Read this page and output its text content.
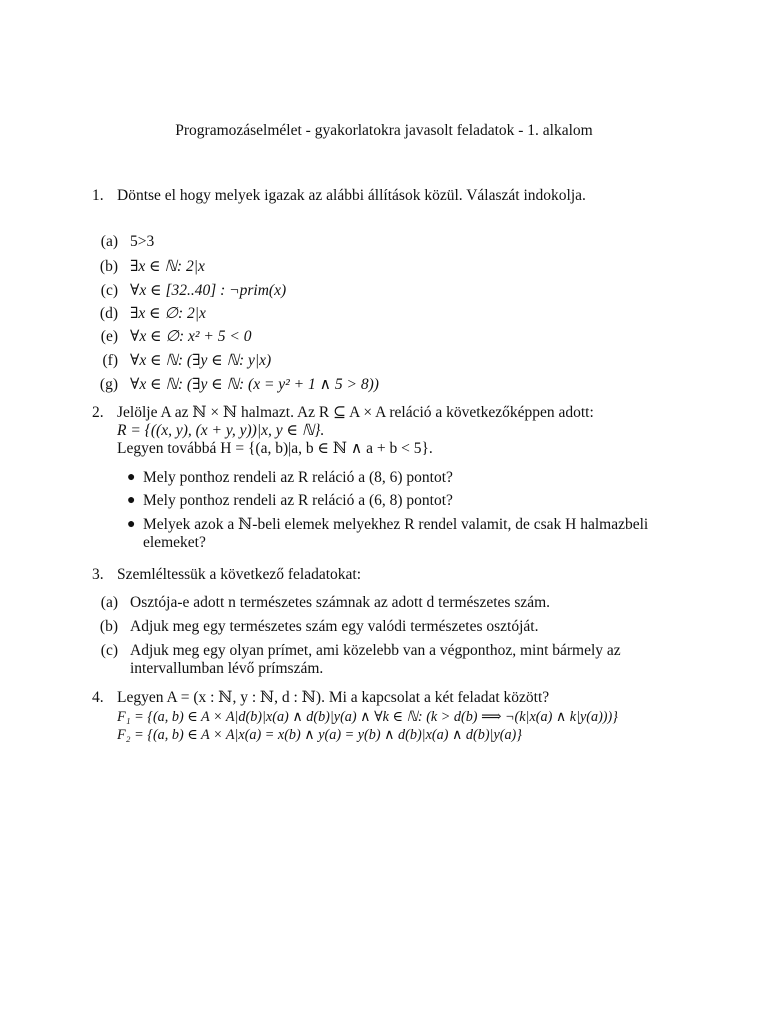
Programozáselmélet - gyakorlatokra javasolt feladatok - 1. alkalom
1. Döntse el hogy melyek igazak az alábbi állítások közül. Válaszát indokolja.
(a) 5>3
(b) ∃x ∈ ℕ: 2|x
(c) ∀x ∈ [32..40] : ¬prim(x)
(d) ∃x ∈ ∅: 2|x
(e) ∀x ∈ ∅: x² + 5 < 0
(f) ∀x ∈ ℕ: (∃y ∈ ℕ: y|x)
(g) ∀x ∈ ℕ: (∃y ∈ ℕ: (x = y² + 1 ∧ 5 > 8))
2. Jelölje A az ℕ × ℕ halmazt. Az R ⊆ A × A reláció a következőképpen adott:
R = {((x, y), (x + y, y))|x, y ∈ ℕ}.
Legyen továbbá H = {(a, b)|a, b ∈ ℕ ∧ a + b < 5}.
● Mely ponthoz rendeli az R reláció a (8, 6) pontot?
● Mely ponthoz rendeli az R reláció a (6, 8) pontot?
● Melyek azok a ℕ-beli elemek melyekhez R rendel valamit, de csak H halmazbeli
elemeket?
3. Szemléltessük a következő feladatokat:
(a) Osztója-e adott n természetes számnak az adott d természetes szám.
(b) Adjuk meg egy természetes szám egy valódi természetes osztóját.
(c) Adjuk meg egy olyan prímet, ami közelebb van a végponthoz, mint bármely az
intervallumban lévő prímszám.
4. Legyen A = (x : ℕ, y : ℕ, d : ℕ). Mi a kapcsolat a két feladat között?
F₁ = {(a, b) ∈ A × A|d(b)|x(a) ∧ d(b)|y(a) ∧ ∀k ∈ ℕ: (k > d(b) ⟹ ¬(k|x(a) ∧ k|y(a)))}
F₂ = {(a, b) ∈ A × A|x(a) = x(b) ∧ y(a) = y(b) ∧ d(b)|x(a) ∧ d(b)|y(a)}
